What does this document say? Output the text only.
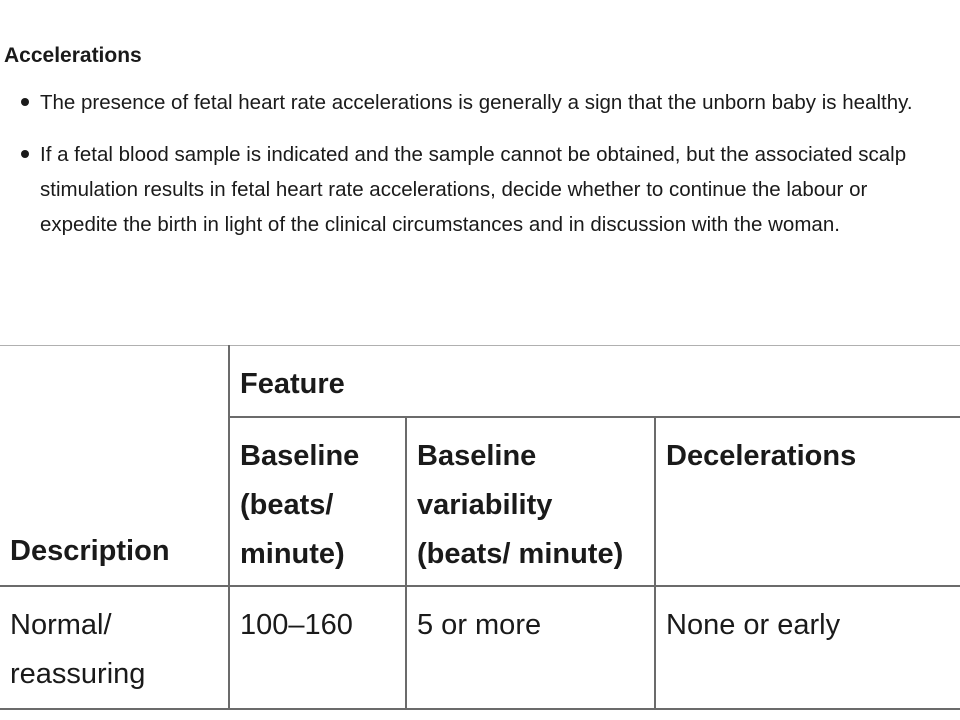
Accelerations
The presence of fetal heart rate accelerations is generally a sign that the unborn baby is healthy.
If a fetal blood sample is indicated and the sample cannot be obtained, but the associated scalp stimulation results in fetal heart rate accelerations, decide whether to continue the labour or expedite the birth in light of the clinical circumstances and in discussion with the woman.
Description	Feature		

	Baseline (beats/ minute)	Baseline variability (beats/ minute)	Decelerations

Normal/ reassuring	100–160	5 or more	None or early
